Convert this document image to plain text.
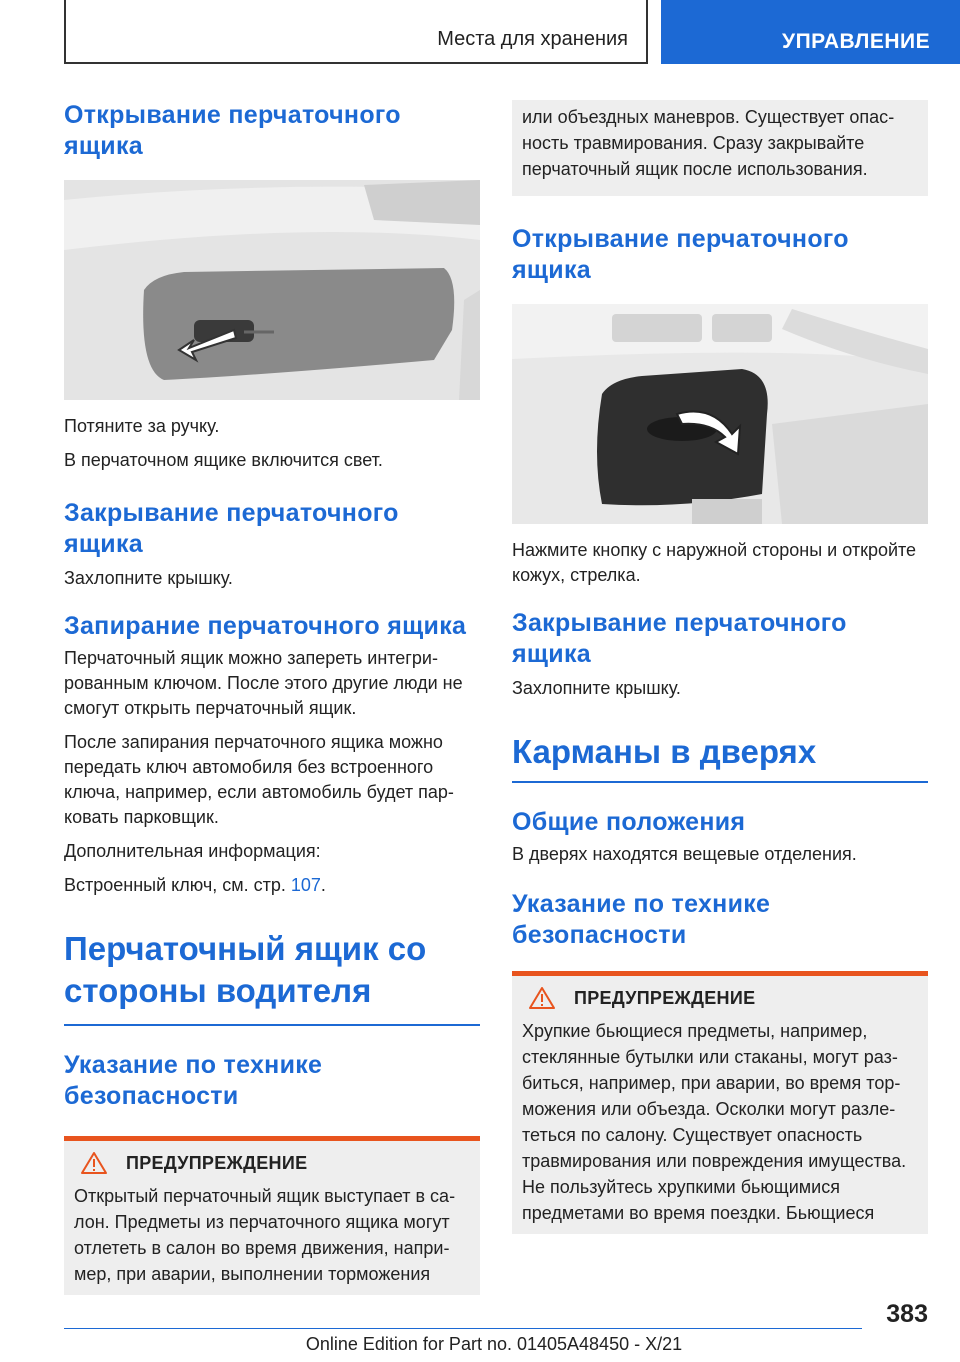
Места для хранения	УПРАВЛЕНИЕ
Открывание перчаточного ящика

Потяните за ручку.

В перчаточном ящике включится свет.

Закрывание перчаточного ящика

Захлопните крышку.

Запирание перчаточного ящика

Перчаточный ящик можно запереть интегрированным ключом. После этого другие люди не смогут открыть перчаточный ящик.

После запирания перчаточного ящика можно передать ключ автомобиля без встроенного ключа, например, если автомобиль будет парковать парковщик.

Дополнительная информация:

Встроенный ключ, см. стр. 107.

Перчаточный ящик со стороны водителя
Указание по технике безопасности
ПРЕДУПРЕЖДЕНИЕ

Открытый перчаточный ящик выступает в салон. Предметы из перчаточного ящика могут отлететь в салон во время движения, например, при аварии, выполнении торможения

или объездных маневров. Существует опасность травмирования. Сразу закрывайте перчаточный ящик после использования.

Открывание перчаточного ящика

Нажмите кнопку с наружной стороны и откройте кожух, стрелка.

Закрывание перчаточного ящика

Захлопните крышку.

Карманы в дверях
Общие положения

В дверях находятся вещевые отделения.

Указание по технике безопасности
ПРЕДУПРЕЖДЕНИЕ

Хрупкие бьющиеся предметы, например, стеклянные бутылки или стаканы, могут разбиться, например, при аварии, во время торможения или объезда. Осколки могут разлететься по салону. Существует опасность травмирования или повреждения имущества. Не пользуйтесь хрупкими бьющимися предметами во время поездки. Бьющиеся

383
Online Edition for Part no. 01405A48450 - X/21
